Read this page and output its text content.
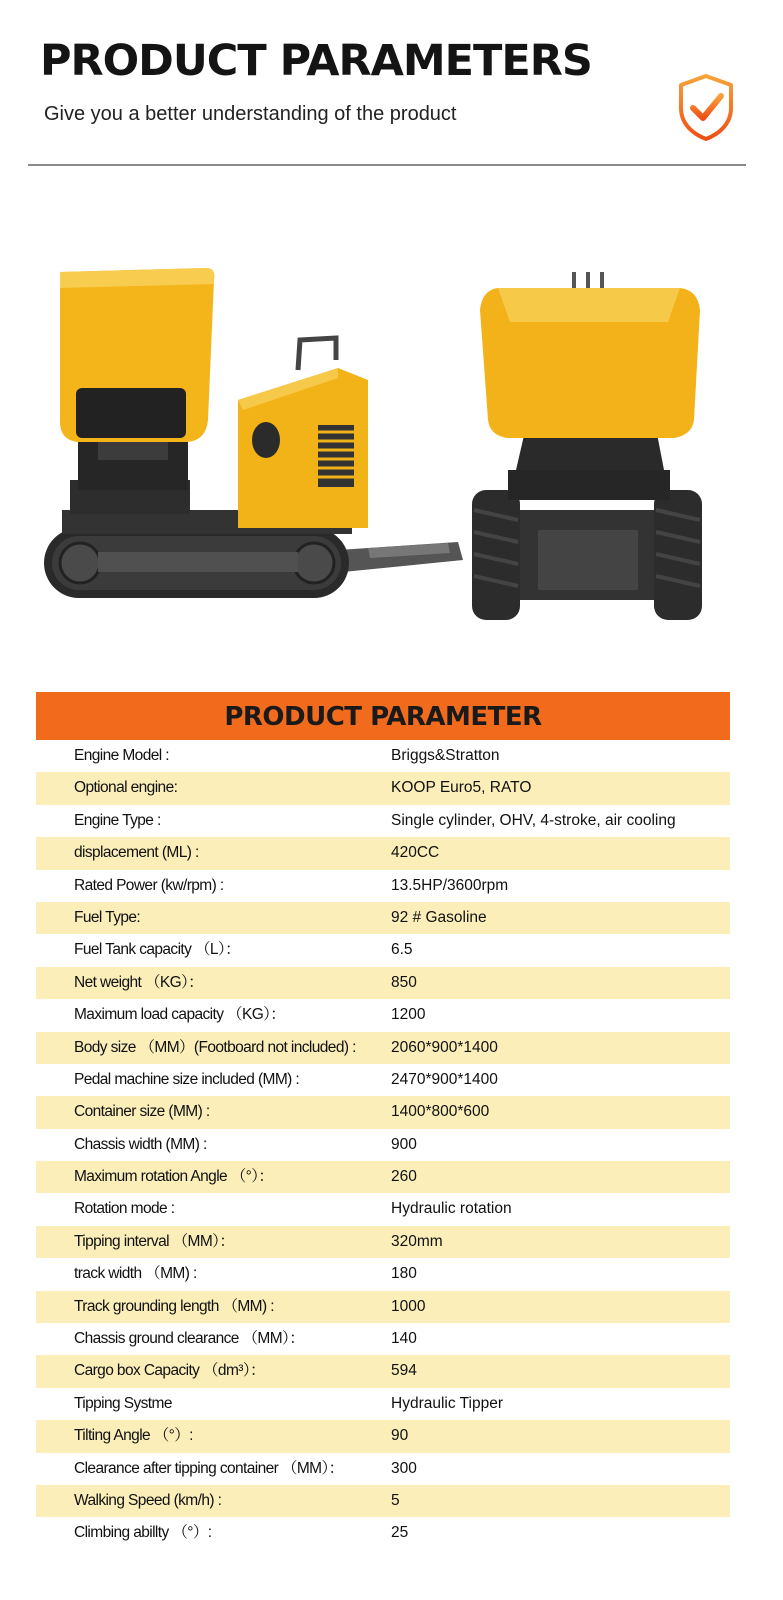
PRODUCT PARAMETERS
Give you a better understanding of the product
PRODUCT PARAMETER
Engine Model :	Briggs&Stratton
Optional engine:	KOOP Euro5, RATO
Engine Type :	Single cylinder, OHV, 4-stroke, air cooling
displacement (ML) :	420CC
Rated Power (kw/rpm) :	13.5HP/3600rpm
Fuel Type:	92 # Gasoline
Fuel Tank capacity （L）：	6.5
Net weight （KG）：	850
Maximum load capacity （KG）：	1200
Body size （MM）(Footboard not included) : 2060*900*1400
Pedal machine size included (MM) :	2470*900*1400
Container size (MM) :	1400*800*600
Chassis width (MM) :	900
Maximum rotation Angle （°）：	260
Rotation mode :	Hydraulic rotation
Tipping interval （MM）：	320mm
track width （MM) :	180
Track grounding length （MM) :	1000
Chassis ground clearance （MM）：	140
Cargo box Capacity （dm³）：	594
Tipping Systme	Hydraulic Tipper
Tilting Angle （°）:	90
Clearance after tipping container （MM）：	300
Walking Speed (km/h) :	5
Climbing abillty （°）:	25
